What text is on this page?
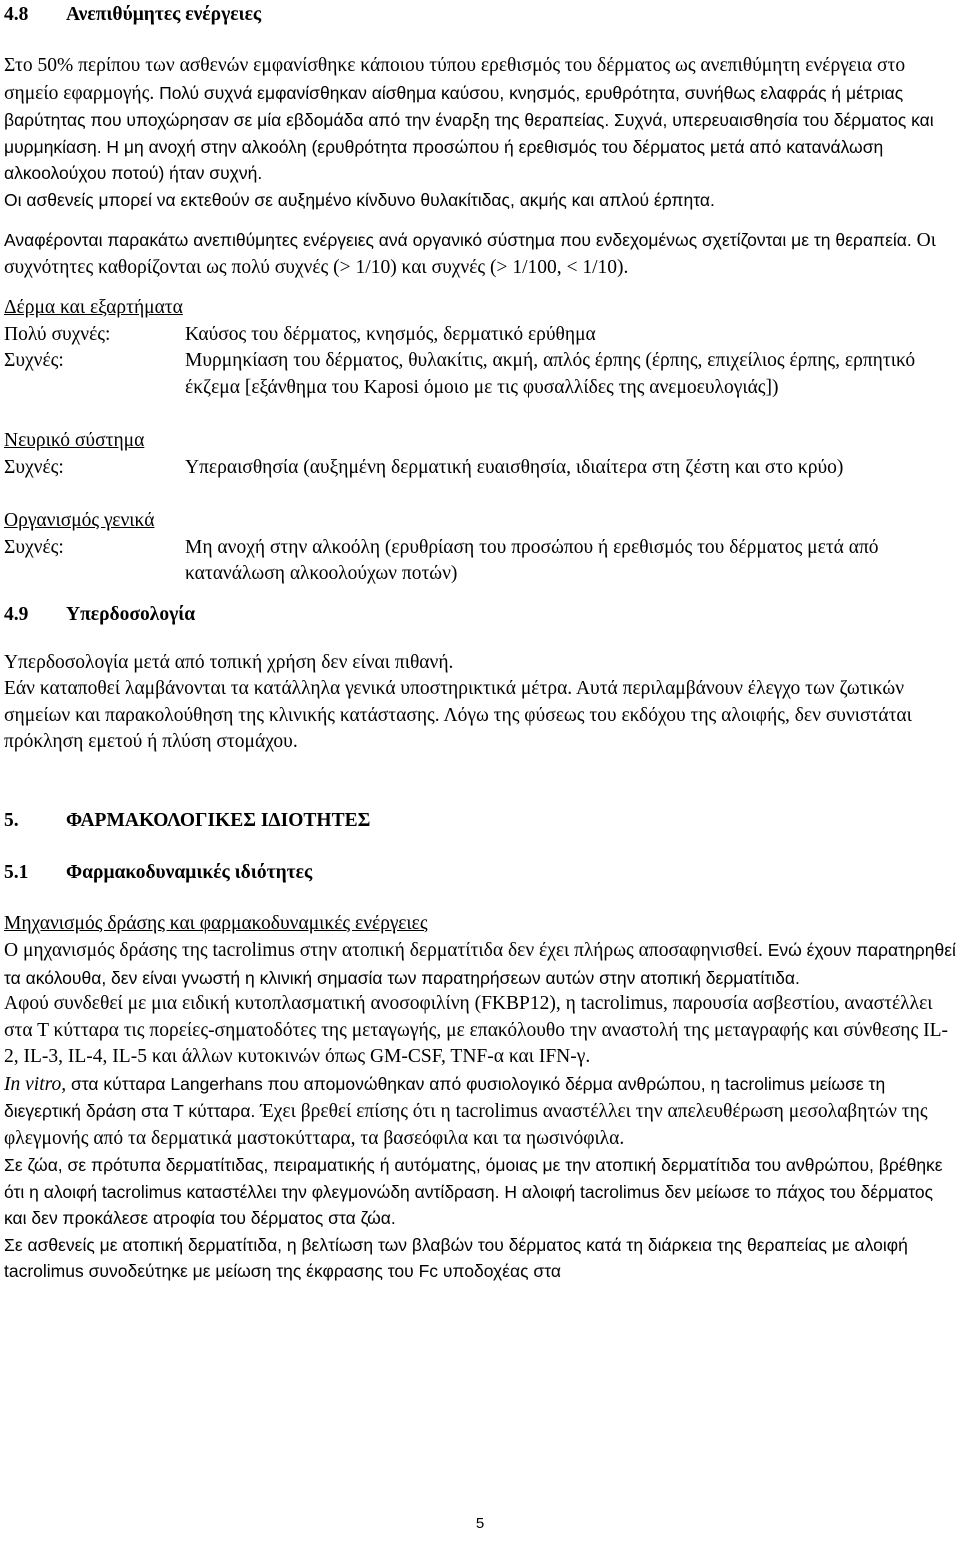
4.8	Ανεπιθύμητες ενέργειες

Στο 50% περίπου των ασθενών εμφανίσθηκε κάποιου τύπου ερεθισμός του δέρματος ως ανεπιθύμητη ενέργεια στο σημείο εφαρμογής. Πολύ συχνά εμφανίσθηκαν αίσθημα καύσου, κνησμός, ερυθρότητα, συνήθως ελαφράς ή μέτριας βαρύτητας που υποχώρησαν σε μία εβδομάδα από την έναρξη της θεραπείας. Συχνά, υπερευαισθησία του δέρματος και μυρμηκίαση. Η μη ανοχή στην αλκοόλη (ερυθρότητα προσώπου ή ερεθισμός του δέρματος μετά από κατανάλωση αλκοολούχου ποτού) ήταν συχνή.

Οι ασθενείς μπορεί να εκτεθούν σε αυξημένο κίνδυνο θυλακίτιδας, ακμής και απλού έρπητα.

Αναφέρονται παρακάτω ανεπιθύμητες ενέργειες ανά οργανικό σύστημα που ενδεχομένως σχετίζονται με τη θεραπεία. Οι συχνότητες καθορίζονται ως πολύ συχνές (> 1/10) και συχνές (> 1/100, < 1/10).

Δέρμα και εξαρτήματα
Πολύ συχνές:	Καύσος του δέρματος, κνησμός, δερματικό ερύθημα
Συχνές:	Μυρμηκίαση του δέρματος, θυλακίτις, ακμή, απλός έρπης (έρπης, επιχείλιος έρπης, ερπητικό έκζεμα [εξάνθημα του Kaposi όμοιο με τις φυσαλλίδες της ανεμοευλογιάς])
Νευρικό σύστημα
Συχνές:	Υπεραισθησία (αυξημένη δερματική ευαισθησία, ιδιαίτερα στη ζέστη και στο κρύο)
Οργανισμός γενικά
Συχνές:	Μη ανοχή στην αλκοόλη (ερυθρίαση του προσώπου ή ερεθισμός του δέρματος μετά από κατανάλωση αλκοολούχων ποτών)
4.9	Υπερδοσολογία

Υπερδοσολογία μετά από τοπική χρήση δεν είναι πιθανή.

Εάν καταποθεί λαμβάνονται τα κατάλληλα γενικά υποστηρικτικά μέτρα. Αυτά περιλαμβάνουν έλεγχο των ζωτικών σημείων και παρακολούθηση της κλινικής κατάστασης. Λόγω της φύσεως του εκδόχου της αλοιφής, δεν συνιστάται πρόκληση εμετού ή πλύση στομάχου.

5.	ΦΑΡΜΑΚΟΛΟΓΙΚΕΣ ΙΔΙΟΤΗΤΕΣ
5.1	Φαρμακοδυναμικές ιδιότητες

Μηχανισμός δράσης και φαρμακοδυναμικές ενέργειες

Ο μηχανισμός δράσης της tacrolimus στην ατοπική δερματίτιδα δεν έχει πλήρως αποσαφηνισθεί. Ενώ έχουν παρατηρηθεί τα ακόλουθα, δεν είναι γνωστή η κλινική σημασία των παρατηρήσεων αυτών στην ατοπική δερματίτιδα.

Αφού συνδεθεί με μια ειδική κυτοπλασματική ανοσοφιλίνη (FKBP12), η tacrolimus, παρουσία ασβεστίου, αναστέλλει στα Τ κύτταρα τις πορείες-σηματοδότες της μεταγωγής, με επακόλουθο την αναστολή της μεταγραφής και σύνθεσης IL-2, IL-3, IL-4, IL-5 και άλλων κυτοκινών όπως GM-CSF, TNF-α και IFN-γ.

In vitro, στα κύτταρα Langerhans που απομονώθηκαν από φυσιολογικό δέρμα ανθρώπου, η tacrolimus μείωσε τη διεγερτική δράση στα Τ κύτταρα. Έχει βρεθεί επίσης ότι η tacrolimus αναστέλλει την απελευθέρωση μεσολαβητών της φλεγμονής από τα δερματικά μαστοκύτταρα, τα βασεόφιλα και τα ηωσινόφιλα.

Σε ζώα, σε πρότυπα δερματίτιδας, πειραματικής ή αυτόματης, όμοιας με την ατοπική δερματίτιδα του ανθρώπου, βρέθηκε ότι η αλοιφή tacrolimus καταστέλλει την φλεγμονώδη αντίδραση. Η αλοιφή tacrolimus δεν μείωσε το πάχος του δέρματος και δεν προκάλεσε ατροφία του δέρματος στα ζώα.

Σε ασθενείς με ατοπική δερματίτιδα, η βελτίωση των βλαβών του δέρματος κατά τη διάρκεια της θεραπείας με αλοιφή tacrolimus συνοδεύτηκε με μείωση της έκφρασης του Fc υποδοχέας στα

5
